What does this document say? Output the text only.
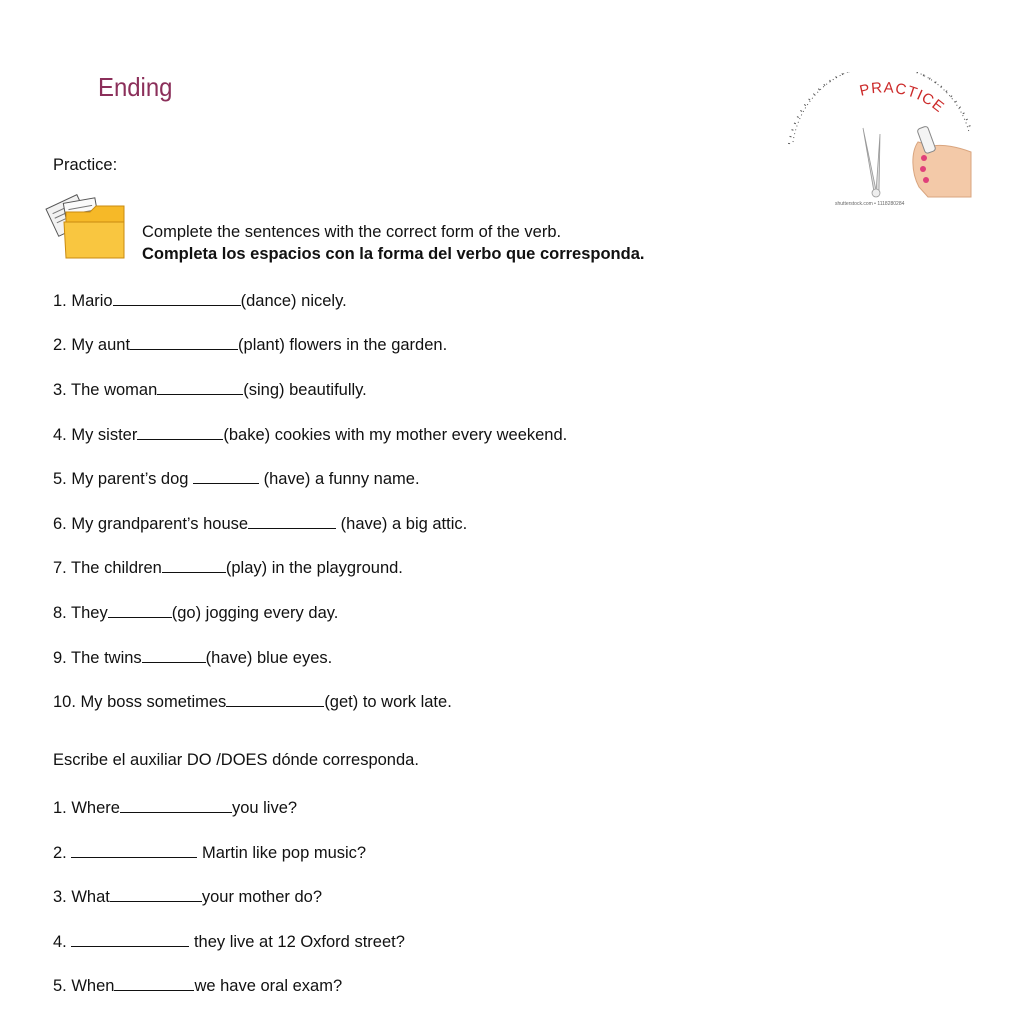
Ending	PRACTICE
shutterstock.com • 1118280284
Practice:
Complete the sentences with the correct form of the verb.
Completa los espacios con la forma del verbo que corresponda.
1. Mario	(dance) nicely.
2. My aunt	(plant) flowers in the garden.
3. The woman	(sing) beautifully.
4. My sister	(bake) cookies with my mother every weekend.
5. My parent’s dog	(have) a funny name.
6. My grandparent’s house	(have) a big attic.
7. The children	(play) in the playground.
8. They	(go) jogging every day.
9. The twins	(have) blue eyes.
10. My boss sometimes	(get) to work late.
Escribe el auxiliar DO /DOES dónde corresponda.
1. Where	you live?
2.	Martin like pop music?
3. What	your mother do?
4.	they live at 12 Oxford street?
5. When	we have oral exam?
